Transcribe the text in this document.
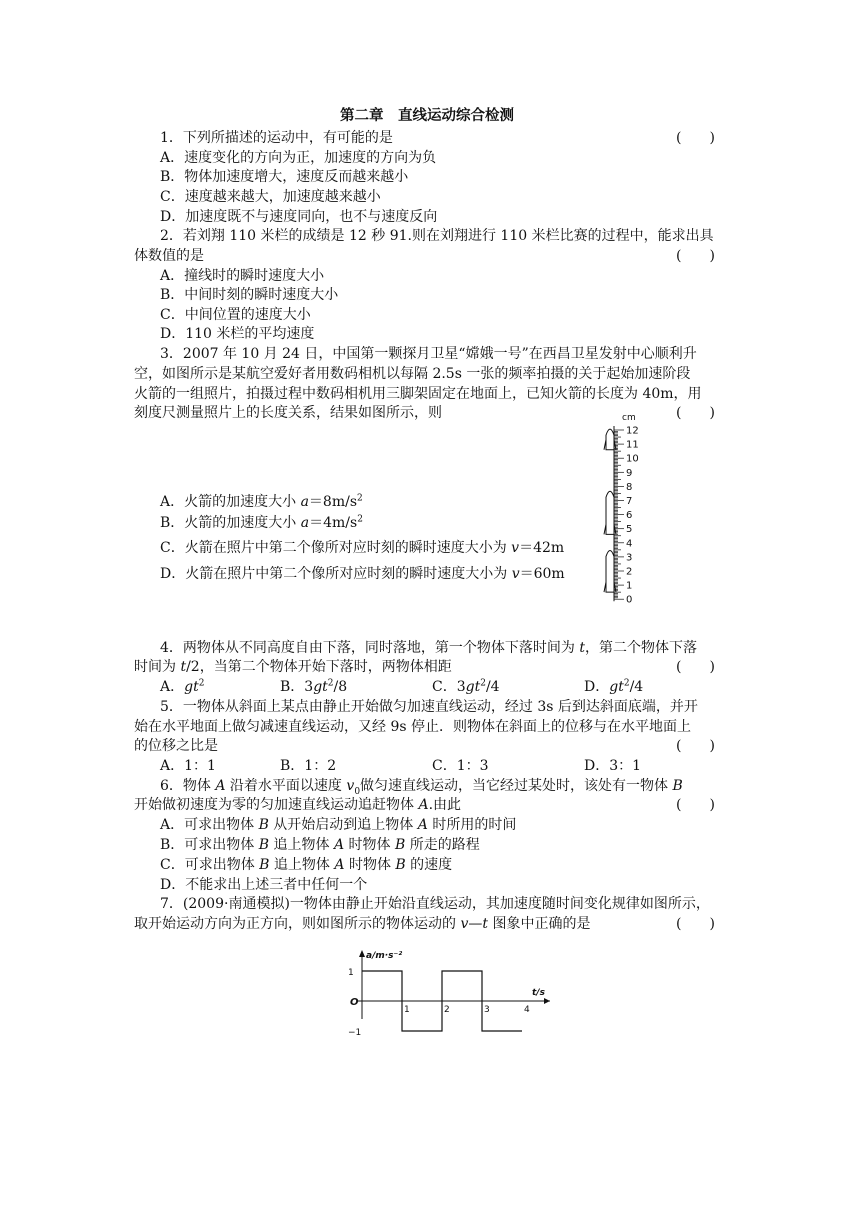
第二章　直线运动综合检测
1．下列所描述的运动中，有可能的是	(　　)
A．速度变化的方向为正，加速度的方向为负
B．物体加速度增大，速度反而越来越小
C．速度越来越大，加速度越来越小
D．加速度既不与速度同向，也不与速度反向
2．若刘翔 110 米栏的成绩是 12 秒 91.则在刘翔进行 110 米栏比赛的过程中，能求出具
体数值的是	(　　)
A．撞线时的瞬时速度大小
B．中间时刻的瞬时速度大小
C．中间位置的速度大小
D．110 米栏的平均速度
3．2007 年 10 月 24 日，中国第一颗探月卫星“嫦娥一号”在西昌卫星发射中心顺利升
空，如图所示是某航空爱好者用数码相机以每隔 2.5s 一张的频率拍摄的关于起始加速阶段
火箭的一组照片，拍摄过程中数码相机用三脚架固定在地面上，已知火箭的长度为 40m，用
刻度尺测量照片上的长度关系，结果如图所示，则	(　　)
A．火箭的加速度大小 $a=8m/s^2$
B．火箭的加速度大小 $a=4m/s^2$
C．火箭在照片中第二个像所对应时刻的瞬时速度大小为 v＝42m
D．火箭在照片中第二个像所对应时刻的瞬时速度大小为 v＝60m
cm
0
1
2
3
4
5
6
7
8
9
10
11
12
4．两物体从不同高度自由下落，同时落地，第一个物体下落时间为 t，第二个物体下落
时间为 t/2，当第二个物体开始下落时，两物体相距	(　　)
A．$gt^2$	B．$3gt^2/8$	C．$3gt^2/4$	D．$gt^2/4$
5．一物体从斜面上某点由静止开始做匀加速直线运动，经过 3s 后到达斜面底端，并开
始在水平地面上做匀减速直线运动，又经 9s 停止．则物体在斜面上的位移与在水平地面上
的位移之比是	(　　)
A．1：1	B．1：2	C．1：3	D．3：1
6．物体 A 沿着水平面以速度 $v_0$做匀速直线运动，当它经过某处时，该处有一物体 B
开始做初速度为零的匀加速直线运动追赶物体 A.由此	(　　)
A．可求出物体 B 从开始启动到追上物体 A 时所用的时间
B．可求出物体 B 追上物体 A 时物体 B 所走的路程
C．可求出物体 B 追上物体 A 时物体 B 的速度
D．不能求出上述三者中任何一个
7．(2009·南通模拟)一物体由静止开始沿直线运动，其加速度随时间变化规律如图所示，
取开始运动方向为正方向，则如图所示的物体运动的 v—t 图象中正确的是	(　　)
a/m·s⁻²
t/s
O
1
−1
1	2	3	4
